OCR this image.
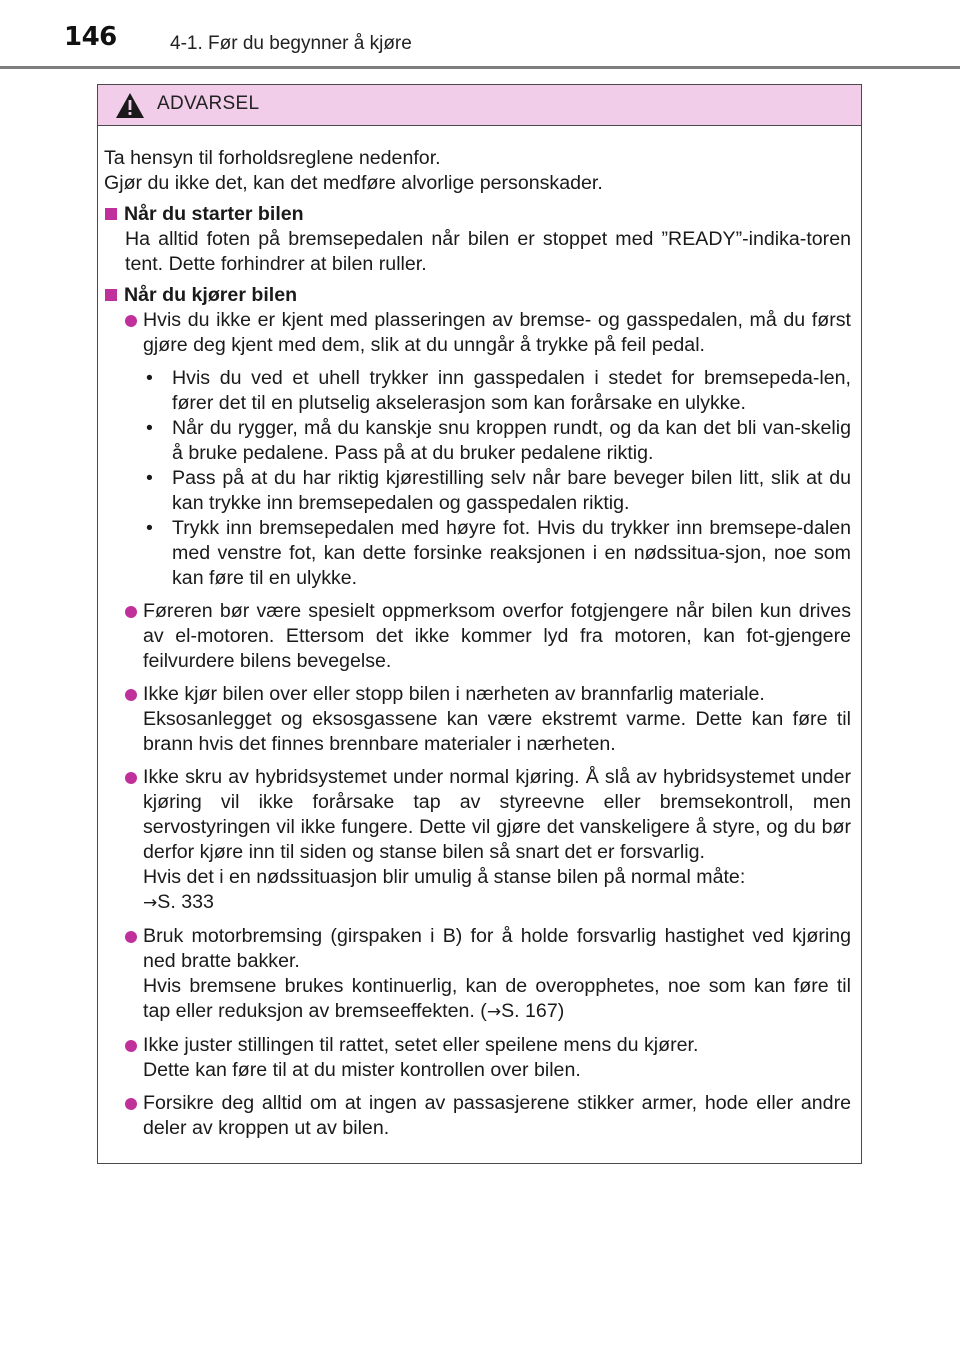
146	4-1. Før du begynner å kjøre
ADVARSEL

Ta hensyn til forholdsreglene nedenfor.

Gjør du ikke det, kan det medføre alvorlige personskader.

Når du starter bilen

Ha alltid foten på bremsepedalen når bilen er stoppet med ”READY”-indika-toren tent. Dette forhindrer at bilen ruller.

Når du kjører bilen

Hvis du ikke er kjent med plasseringen av bremse- og gasspedalen, må du først gjøre deg kjent med dem, slik at du unngår å trykke på feil pedal.

• Hvis du ved et uhell trykker inn gasspedalen i stedet for bremsepeda-len, fører det til en plutselig akselerasjon som kan forårsake en ulykke.
• Når du rygger, må du kanskje snu kroppen rundt, og da kan det bli van-skelig å bruke pedalene. Pass på at du bruker pedalene riktig.
• Pass på at du har riktig kjørestilling selv når bare beveger bilen litt, slik at du kan trykke inn bremsepedalen og gasspedalen riktig.
• Trykk inn bremsepedalen med høyre fot. Hvis du trykker inn bremsepe-dalen med venstre fot, kan dette forsinke reaksjonen i en nødssitua-sjon, noe som kan føre til en ulykke.

Føreren bør være spesielt oppmerksom overfor fotgjengere når bilen kun drives av el-motoren. Ettersom det ikke kommer lyd fra motoren, kan fot-gjengere feilvurdere bilens bevegelse.

Ikke kjør bilen over eller stopp bilen i nærheten av brannfarlig materiale.

Eksosanlegget og eksosgassene kan være ekstremt varme. Dette kan føre til brann hvis det finnes brennbare materialer i nærheten.

Ikke skru av hybridsystemet under normal kjøring. Å slå av hybridsystemet under kjøring vil ikke forårsake tap av styreevne eller bremsekontroll, men servostyringen vil ikke fungere. Dette vil gjøre det vanskeligere å styre, og du bør derfor kjøre inn til siden og stanse bilen så snart det er forsvarlig.

Hvis det i en nødssituasjon blir umulig å stanse bilen på normal måte:

→S. 333

Bruk motorbremsing (girspaken i B) for å holde forsvarlig hastighet ved kjøring ned bratte bakker.

Hvis bremsene brukes kontinuerlig, kan de overopphetes, noe som kan føre til tap eller reduksjon av bremseeffekten. (→S. 167)

Ikke juster stillingen til rattet, setet eller speilene mens du kjører.

Dette kan føre til at du mister kontrollen over bilen.

Forsikre deg alltid om at ingen av passasjerene stikker armer, hode eller andre deler av kroppen ut av bilen.
